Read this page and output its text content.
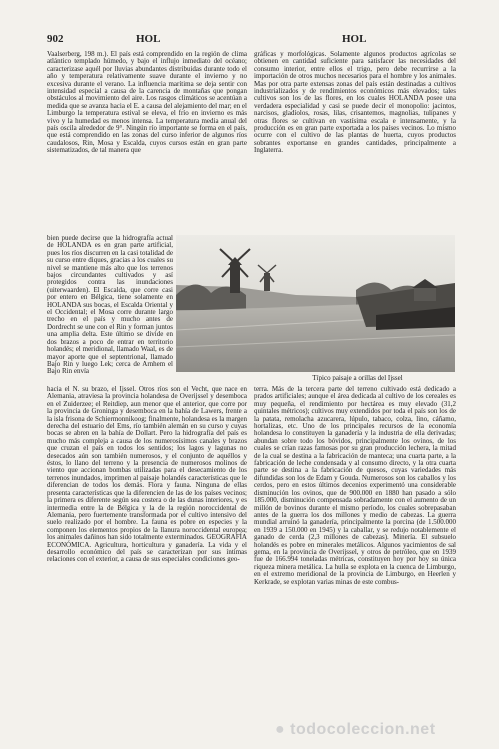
902	HOL	HOL

Vaalserberg, 198 m.). El país está comprendido en la región de clima atlántico templado húmedo, y bajo el influjo inmediato del océano; caracterizase aquél por lluvias abundantes distribuidas durante todo el año y temperatura relativamente suave durante el invierno y no excesiva durante el verano. La influencia marítima se deja sentir con intensidad especial a causa de la carencia de montañas que pongan obstáculos al movimiento del aire. Los rasgos climáticos se acentúan a medida que se avanza hacia el E. a causa del alejamiento del mar; en el Limburgo la temperatura estival se eleva, el frío en invierno es más vivo y la humedad es menos intensa. La temperatura media anual del país oscila alrededor de 9°. Ningún río importante se forma en el país, que está comprendido en las zonas del curso inferior de algunos ríos caudalosos, Rin, Mosa y Escalda, cuyos cursos están en gran parte sistematizados, de tal manera que

gráficas y morfológicas. Solamente algunos productos agrícolas se obtienen en cantidad suficiente para satisfacer las necesidades del consumo interior, entre ellos el trigo, pero debe recurrirse a la importación de otros muchos necesarios para el hombre y los animales. Mas por otra parte extensas zonas del país están destinadas a cultivos industrializados y de rendimientos económicos más elevados; tales cultivos son los de las flores, en los cuales HOLANDA posee una verdadera especialidad y casi se puede decir el monopolio: jacintos, narcisos, gladíolos, rosas, lilas, crisantemos, magnolias, tulipanes y otras flores se cultivan en vastísima escala e intensamente, y la producción es en gran parte exportada a los países vecinos. Lo mismo ocurre con el cultivo de las plantas de huerta, cuyos productos sobrantes exportanse en grandes cantidades, principalmente a Inglaterra.

bien puede decirse que la hidrografía actual de HOLANDA es en gran parte artificial, pues los ríos discurren en la casi totalidad de su curso entre diques, gracias a los cuales su nivel se mantiene más alto que los terrenos bajos circundantes cultivados y así protegidos contra las inundaciones (uiterwaarden). El Escalda, que corre casi por entero en Bélgica, tiene solamente en HOLANDA sus bocas, el Escalda Oriental y el Occidental; el Mosa corre durante largo trecho en el país y mucho antes de Dordrecht se une con el Rin y forman juntos una amplia delta. Este último se divide en dos brazos a poco de entrar en territorio holandés; el meridional, llamado Waal, es de mayor aporte que el septentrional, llamado Bajo Rin y luego Lek; cerca de Arnhem el Bajo Rin envía

Típico paisaje a orillas del Ijssel

hacia el N. su brazo, el Ijssel. Otros ríos son el Vecht, que nace en Alemania, atraviesa la provincia holandesa de Overijssel y desemboca en el Zuiderzee; el Reitdiep, aun menor que el anterior, que corre por la provincia de Groninga y desemboca en la bahía de Lawers, frente a la isla frisona de Schiermonnikoog; finalmente, holandesa es la margen derecha del estuario del Ems, río también alemán en su curso y cuyas bocas se abren en la bahía de Dollart. Pero la hidrografía del país es mucho más compleja a causa de los numerosísimos canales y brazos que cruzan el país en todos los sentidos; los lagos y lagunas no desecados aún son también numerosos, y el conjunto de aquéllos y éstos, lo llano del terreno y la presencia de numerosos molinos de viento que accionan bombas utilizadas para el desecamiento de los terrenos inundados, imprimen al paisaje holandés características que le diferencian de todos los demás. Flora y fauna. Ninguna de ellas presenta características que la diferencien de las de los países vecinos; la primera es diferente según sea costera o de las dunas interiores, y es intermedia entre la de Bélgica y la de la región noroccidental de Alemania, pero fuertemente transformada por el cultivo intensivo del suelo realizado por el hombre. La fauna es pobre en especies y la componen los elementos propios de la llanura noroccidental europea; los animales dañinos han sido totalmente exterminados. GEOGRAFÍA ECONÓMICA. Agricultura, horticultura y ganadería. La vida y el desarrollo económico del país se caracterizan por sus íntimas relaciones con el exterior, a causa de sus especiales condiciones geo-

terra. Más de la tercera parte del terreno cultivado está dedicado a prados artificiales; aunque el área dedicada al cultivo de los cereales es muy pequeña, el rendimiento por hectárea es muy elevado (31,2 quintales métricos); cultivos muy extendidos por toda el país son los de la patata, remolacha azucarera, lúpulo, tabaco, colza, lino, cáñamo, hortalizas, etc. Uno de los principales recursos de la economía holandesa lo constituyen la ganadería y la industria de ella derivadas; abundan sobre todo los bóvidos, principalmente los ovinos, de los cuales se crían razas famosas por su gran producción lechera, la mitad de la cual se destina a la fabricación de manteca; una cuarta parte, a la fabricación de leche condensada y al consumo directo, y la otra cuarta parte se destina a la fabricación de quesos, cuyas variedades más difundidas son los de Edam y Gouda. Numerosos son los caballos y los cerdos, pero en estos últimos decenios experimentó una considerable disminución los ovinos, que de 900.000 en 1880 han pasado a sólo 185.000, disminución compensada sobradamente con el aumento de un millón de bovinos durante el mismo período, los cuales sobrepasaban antes de la guerra los dos millones y medio de cabezas. La guerra mundial arruinó la ganadería, principalmente la porcina (de 1.500.000 en 1939 a 150.000 en 1945) y la caballar, y se redujo notablemente el ganado de cerda (2,3 millones de cabezas). Minería. El subsuelo holandés es pobre en minerales metálicos. Algunos yacimientos de sal gema, en la provincia de Overijssel, y otros de petróleo, que en 1939 fue de 166.994 toneladas métricas, constituyen hoy por hoy su única riqueza minera metálica. La hulla se explota en la cuenca de Limburgo, en el extremo meridional de la provincia de Limburgo, en Heerlen y Kerkrade, se explotan varias minas de este combus-

● todocoleccion.net
